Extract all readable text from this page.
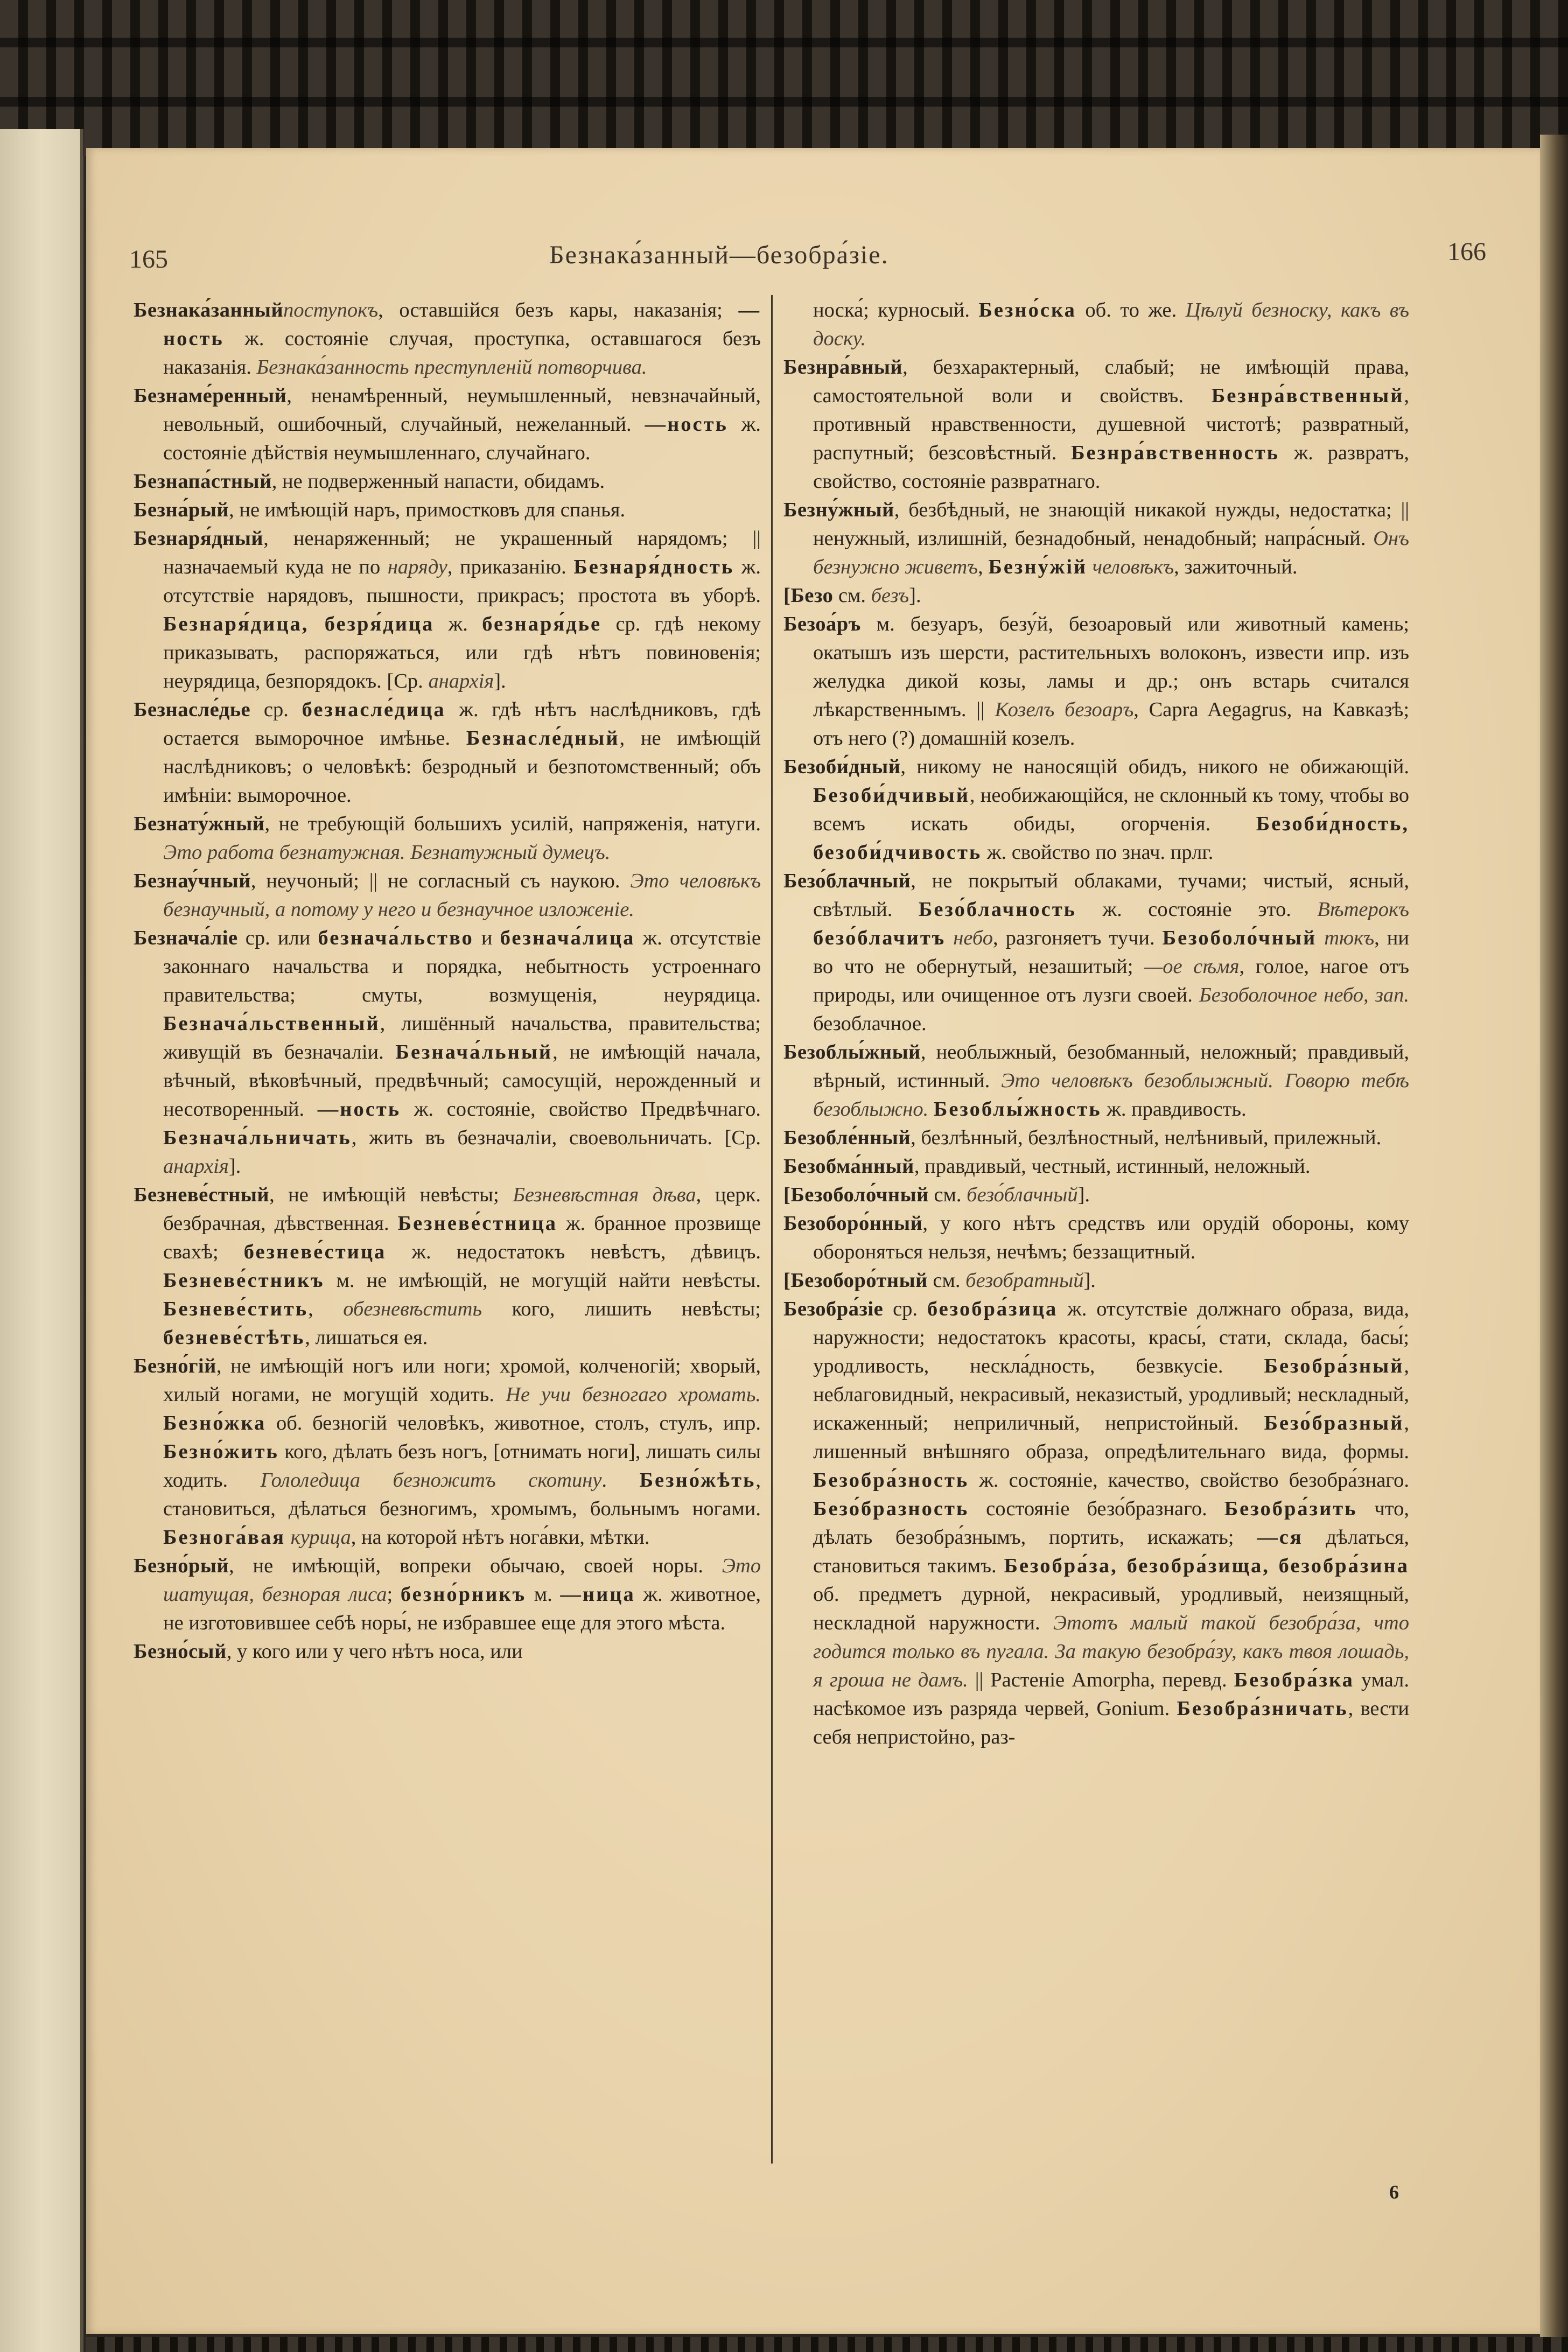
165	Безнака́занный—безобра́зіе.	166

Безнака́занныйпоступокъ, оставшійся безъ кары, наказанія; —ность ж. состояніе случая, проступка, оставшагося безъ наказанія. Безнака́занность преступленій потворчива.

Безнаме́ренный, ненамѣренный, неумышленный, невзначайный, невольный, ошибочный, случайный, нежеланный. —ность ж. состояніе дѣйствія неумышленнаго, случайнаго.

Безнапа́стный, не подверженный напасти, обидамъ.

Безна́рый, не имѣющій наръ, примостковъ для спанья.

Безнаря́дный, ненаряженный; не украшенный нарядомъ; || назначаемый куда не по наряду, приказанію. Безнаря́дность ж. отсутствіе нарядовъ, пышности, прикрасъ; простота въ уборѣ. Безнаря́дица, безря́дица ж. безнаря́дье ср. гдѣ некому приказывать, распоряжаться, или гдѣ нѣтъ повиновенія; неурядица, безпорядокъ. [Ср. анархія].

Безнасле́дье ср. безнасле́дица ж. гдѣ нѣтъ наслѣдниковъ, гдѣ остается выморочное имѣнье. Безнасле́дный, не имѣющій наслѣдниковъ; о человѣкѣ: безродный и безпотомственный; объ имѣніи: выморочное.

Безнату́жный, не требующій большихъ усилій, напряженія, натуги. Это работа безнатужная. Безнатужный думецъ.

Безнау́чный, неучоный; || не согласный съ наукою. Это человѣкъ безнаучный, а потому у него и безнаучное изложеніе.

Безнача́ліе ср. или безнача́льство и безнача́лица ж. отсутствіе законнаго начальства и порядка, небытность устроеннаго правительства; смуты, возмущенія, неурядица. Безнача́льственный, лишённый начальства, правительства; живущій въ безначаліи. Безнача́льный, не имѣющій начала, вѣчный, вѣковѣчный, предвѣчный; самосущій, нерожденный и несотворенный. —ность ж. состояніе, свойство Предвѣчнаго. Безнача́льничать, жить въ безначаліи, своевольничать. [Ср. анархія].

Безневе́стный, не имѣющій невѣсты; Безневѣстная дѣва, церк. безбрачная, дѣвственная. Безневе́стница ж. бранное прозвище свахѣ; безневе́стица ж. недостатокъ невѣстъ, дѣвицъ. Безневе́стникъ м. не имѣющій, не могущій найти невѣсты. Безневе́стить, обезневѣстить кого, лишить невѣсты; безневе́стѣть, лишаться ея.

Безно́гій, не имѣющій ногъ или ноги; хромой, колченогій; хворый, хилый ногами, не могущій ходить. Не учи безногаго хромать. Безно́жка об. безногій человѣкъ, животное, столъ, стулъ, ипр. Безно́жить кого, дѣлать безъ ногъ, [отнимать ноги], лишать силы ходить. Гололедица безножитъ скотину. Безно́жѣть, становиться, дѣлаться безногимъ, хромымъ, больнымъ ногами. Безнога́вая курица, на которой нѣтъ нога́вки, мѣтки.

Безно́рый, не имѣющій, вопреки обычаю, своей норы. Это шатущая, безнорая лиса; безно́рникъ м. —ница ж. животное, не изготовившее себѣ норы́, не избравшее еще для этого мѣста.

Безно́сый, у кого или у чего нѣтъ носа, или

носка́; курносый. Безно́ска об. то же. Цѣлуй безноску, какъ въ доску.

Безнра́вный, безхарактерный, слабый; не имѣющій права, самостоятельной воли и свойствъ. Безнра́вственный, противный нравственности, душевной чистотѣ; развратный, распутный; безсовѣстный. Безнра́вственность ж. развратъ, свойство, состояніе развратнаго.

Безну́жный, безбѣдный, не знающій никакой нужды, недостатка; || ненужный, излишній, безнадобный, ненадобный; напра́сный. Онъ безнужно живетъ, Безну́жій человѣкъ, зажиточный.

[Безо см. безъ].

Безоа́ръ м. безуаръ, безу́й, безоаровый или животный камень; окатышъ изъ шерсти, растительныхъ волоконъ, извести ипр. изъ желудка дикой козы, ламы и др.; онъ встарь считался лѣкарственнымъ. || Козелъ безоаръ, Capra Aegagrus, на Кавказѣ; отъ него (?) домашній козелъ.

Безоби́дный, никому не наносящій обидъ, никого не обижающій. Безоби́дчивый, необижающійся, не склонный къ тому, чтобы во всемъ искать обиды, огорченія. Безоби́дность, безоби́дчивость ж. свойство по знач. прлг.

Безо́блачный, не покрытый облаками, тучами; чистый, ясный, свѣтлый. Безо́блачность ж. состояніе это. Вѣтерокъ безо́блачитъ небо, разгоняетъ тучи. Безоболо́чный тюкъ, ни во что не обернутый, незашитый; —ое сѣмя, голое, нагое отъ природы, или очищенное отъ лузги своей. Безоболочное небо, зап. безоблачное.

Безоблы́жный, необлыжный, безобманный, неложный; правдивый, вѣрный, истинный. Это человѣкъ безоблыжный. Говорю тебѣ безоблыжно. Безоблы́жность ж. правдивость.

Безобле́нный, безлѣнный, безлѣностный, нелѣнивый, прилежный.

Безобма́нный, правдивый, честный, истинный, неложный.

[Безоболо́чный см. безо́блачный].

Безоборо́нный, у кого нѣтъ средствъ или орудій обороны, кому обороняться нельзя, нечѣмъ; беззащитный.

[Безоборо́тный см. безобратный].

Безобра́зіе ср. безобра́зица ж. отсутствіе должнаго образа, вида, наружности; недостатокъ красоты, красы́, стати, склада, басы́; уродливость, нескла́дность, безвкусіе. Безобра́зный, неблаговидный, некрасивый, неказистый, уродливый; нескладный, искаженный; неприличный, непристойный. Безо́бразный, лишенный внѣшняго образа, опредѣлительнаго вида, формы. Безобра́зность ж. состояніе, качество, свойство безобра́знаго. Безо́бразность состояніе безо́бразнаго. Безобра́зить что, дѣлать безобра́знымъ, портить, искажать; —ся дѣлаться, становиться такимъ. Безобра́за, безобра́зища, безобра́зина об. предметъ дурной, некрасивый, уродливый, неизящный, нескладной наружности. Этотъ малый такой безобра́за, что годится только въ пугала. За такую безобра́зу, какъ твоя лошадь, я гроша не дамъ. || Растеніе Amorpha, перевд. Безобра́зка умал. насѣкомое изъ разряда червей, Gonium. Безобра́зничать, вести себя непристойно, раз-

6
